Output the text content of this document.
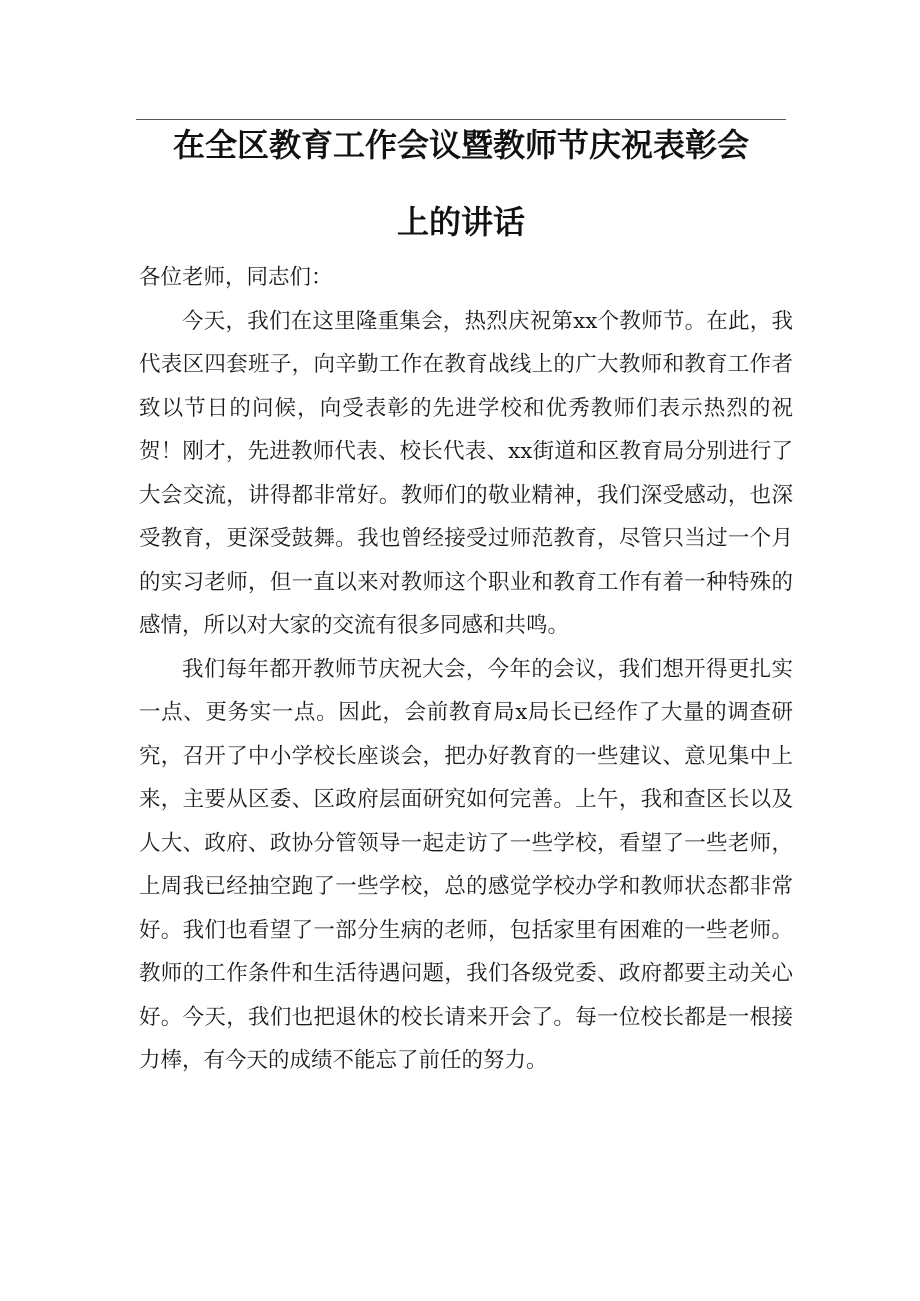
在全区教育工作会议暨教师节庆祝表彰会
上的讲话

各位老师，同志们：

今天，我们在这里隆重集会，热烈庆祝第xx个教师节。在此，我代表区四套班子，向辛勤工作在教育战线上的广大教师和教育工作者致以节日的问候，向受表彰的先进学校和优秀教师们表示热烈的祝贺！刚才，先进教师代表、校长代表、xx街道和区教育局分别进行了大会交流，讲得都非常好。教师们的敬业精神，我们深受感动，也深受教育，更深受鼓舞。我也曾经接受过师范教育，尽管只当过一个月的实习老师，但一直以来对教师这个职业和教育工作有着一种特殊的感情，所以对大家的交流有很多同感和共鸣。

我们每年都开教师节庆祝大会，今年的会议，我们想开得更扎实一点、更务实一点。因此，会前教育局x局长已经作了大量的调查研究，召开了中小学校长座谈会，把办好教育的一些建议、意见集中上来，主要从区委、区政府层面研究如何完善。上午，我和查区长以及人大、政府、政协分管领导一起走访了一些学校，看望了一些老师，上周我已经抽空跑了一些学校，总的感觉学校办学和教师状态都非常好。我们也看望了一部分生病的老师，包括家里有困难的一些老师。教师的工作条件和生活待遇问题，我们各级党委、政府都要主动关心好。今天，我们也把退休的校长请来开会了。每一位校长都是一根接力棒，有今天的成绩不能忘了前任的努力。
